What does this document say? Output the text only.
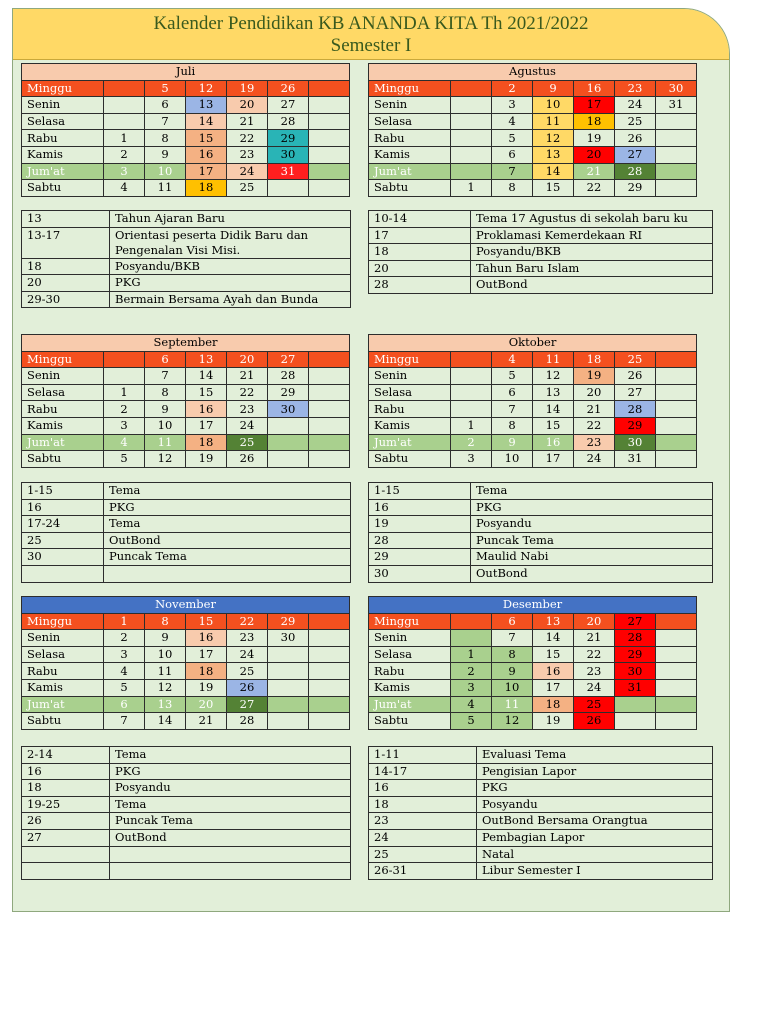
Kalender Pendidikan KB ANANDA KITA Th 2021/2022
Semester I
Juli						
Minggu		5	12	19	26	
Senin		6	13	20	27	
Selasa		7	14	21	28	
Rabu	1	8	15	22	29	
Kamis	2	9	16	23	30	
Jum'at	3	10	17	24	31	
Sabtu	4	11	18	25		
13	Tahun Ajaran Baru
13-17	Orientasi peserta Didik Baru dan Pengenalan Visi Misi.
18	Posyandu/BKB
20	PKG
29-30	Bermain Bersama Ayah dan Bunda
Agustus						
Minggu		2	9	16	23	30
Senin		3	10	17	24	31
Selasa		4	11	18	25	
Rabu		5	12	19	26	
Kamis		6	13	20	27	
Jum'at		7	14	21	28	
Sabtu	1	8	15	22	29	
10-14	Tema 17 Agustus di sekolah baru ku
17	Proklamasi Kemerdekaan RI
18	Posyandu/BKB
20	Tahun Baru Islam
28	OutBond
September						
Minggu		6	13	20	27	
Senin		7	14	21	28	
Selasa	1	8	15	22	29	
Rabu	2	9	16	23	30	
Kamis	3	10	17	24		
Jum'at	4	11	18	25		
Sabtu	5	12	19	26		
1-15	Tema
16	PKG
17-24	Tema
25	OutBond
30	Puncak Tema

Oktober						
Minggu		4	11	18	25	
Senin		5	12	19	26	
Selasa		6	13	20	27	
Rabu		7	14	21	28	
Kamis	1	8	15	22	29	
Jum'at	2	9	16	23	30	
Sabtu	3	10	17	24	31	
1-15	Tema
16	PKG
19	Posyandu
28	Puncak Tema
29	Maulid Nabi
30	OutBond
November						
Minggu	1	8	15	22	29	
Senin	2	9	16	23	30	
Selasa	3	10	17	24		
Rabu	4	11	18	25		
Kamis	5	12	19	26		
Jum'at	6	13	20	27		
Sabtu	7	14	21	28		
2-14	Tema
16	PKG
18	Posyandu
19-25	Tema
26	Puncak Tema
27	OutBond

Desember						
Minggu		6	13	20	27	
Senin		7	14	21	28	
Selasa	1	8	15	22	29	
Rabu	2	9	16	23	30	
Kamis	3	10	17	24	31	
Jum'at	4	11	18	25		
Sabtu	5	12	19	26		
1-11	Evaluasi Tema
14-17	Pengisian Lapor
16	PKG
18	Posyandu
23	OutBond Bersama Orangtua
24	Pembagian Lapor
25	Natal
26-31	Libur Semester I
